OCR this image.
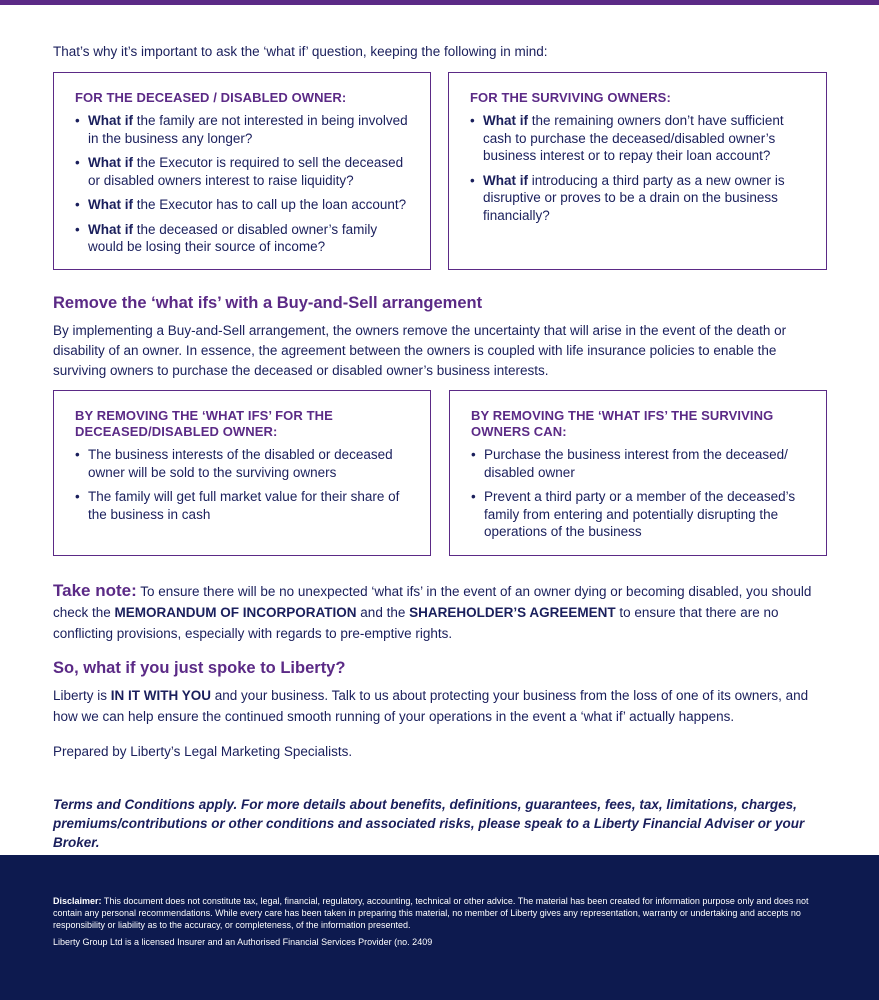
That’s why it’s important to ask the ‘what if’ question, keeping the following in mind:

FOR THE DECEASED / DISABLED OWNER:
• What if the family are not interested in being involved in the business any longer?
• What if the Executor is required to sell the deceased or disabled owners interest to raise liquidity?
• What if the Executor has to call up the loan account?
• What if the deceased or disabled owner’s family would be losing their source of income?
FOR THE SURVIVING OWNERS:
• What if the remaining owners don’t have sufficient cash to purchase the deceased/disabled owner’s business interest or to repay their loan account?
• What if introducing a third party as a new owner is disruptive or proves to be a drain on the business financially?
Remove the ‘what ifs’ with a Buy-and-Sell arrangement

By implementing a Buy-and-Sell arrangement, the owners remove the uncertainty that will arise in the event of the death or disability of an owner. In essence, the agreement between the owners is coupled with life insurance policies to enable the surviving owners to purchase the deceased or disabled owner’s business interests.

BY REMOVING THE ‘WHAT IFS’ FOR THE DECEASED/DISABLED OWNER:
• The business interests of the disabled or deceased owner will be sold to the surviving owners
• The family will get full market value for their share of the business in cash
BY REMOVING THE ‘WHAT IFS’ THE SURVIVING OWNERS CAN:
• Purchase the business interest from the deceased/ disabled owner
• Prevent a third party or a member of the deceased’s family from entering and potentially disrupting the operations of the business

Take note: To ensure there will be no unexpected ‘what ifs’ in the event of an owner dying or becoming disabled, you should check the MEMORANDUM OF INCORPORATION and the SHAREHOLDER’S AGREEMENT to ensure that there are no conflicting provisions, especially with regards to pre-emptive rights.

So, what if you just spoke to Liberty?

Liberty is IN IT WITH YOU and your business. Talk to us about protecting your business from the loss of one of its owners, and how we can help ensure the continued smooth running of your operations in the event a ‘what if’ actually happens.

Prepared by Liberty’s Legal Marketing Specialists.

Terms and Conditions apply. For more details about benefits, definitions, guarantees, fees, tax, limitations, charges, premiums/contributions or other conditions and associated risks, please speak to a Liberty Financial Adviser or your Broker.

Disclaimer: This document does not constitute tax, legal, financial, regulatory, accounting, technical or other advice. The material has been created for information purpose only and does not contain any personal recommendations. While every care has been taken in preparing this material, no member of Liberty gives any representation, warranty or undertaking and accepts no responsibility or liability as to the accuracy, or completeness, of the information presented.

Liberty Group Ltd is a licensed Insurer and an Authorised Financial Services Provider (no. 2409
